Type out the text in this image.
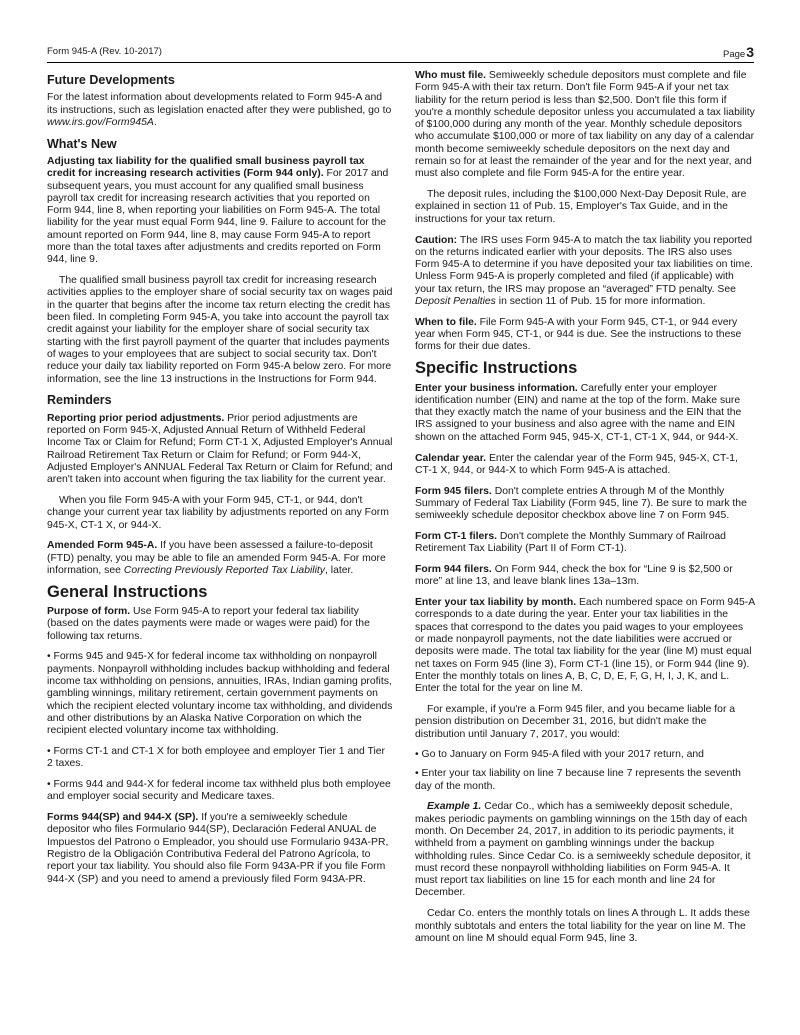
Form 945-A (Rev. 10-2017)	Page3
Future Developments

For the latest information about developments related to Form 945-A and its instructions, such as legislation enacted after they were published, go to www.irs.gov/Form945A.

What's New

Adjusting tax liability for the qualified small business payroll tax credit for increasing research activities (Form 944 only). For 2017 and subsequent years, you must account for any qualified small business payroll tax credit for increasing research activities that you reported on Form 944, line 8, when reporting your liabilities on Form 945-A. The total liability for the year must equal Form 944, line 9. Failure to account for the amount reported on Form 944, line 8, may cause Form 945-A to report more than the total taxes after adjustments and credits reported on Form 944, line 9.

The qualified small business payroll tax credit for increasing research activities applies to the employer share of social security tax on wages paid in the quarter that begins after the income tax return electing the credit has been filed. In completing Form 945-A, you take into account the payroll tax credit against your liability for the employer share of social security tax starting with the first payroll payment of the quarter that includes payments of wages to your employees that are subject to social security tax. Don't reduce your daily tax liability reported on Form 945-A below zero. For more information, see the line 13 instructions in the Instructions for Form 944.

Reminders

Reporting prior period adjustments. Prior period adjustments are reported on Form 945-X, Adjusted Annual Return of Withheld Federal Income Tax or Claim for Refund; Form CT-1 X, Adjusted Employer's Annual Railroad Retirement Tax Return or Claim for Refund; or Form 944-X, Adjusted Employer's ANNUAL Federal Tax Return or Claim for Refund; and aren't taken into account when figuring the tax liability for the current year.

When you file Form 945-A with your Form 945, CT-1, or 944, don't change your current year tax liability by adjustments reported on any Form 945-X, CT-1 X, or 944-X.

Amended Form 945-A. If you have been assessed a failure-to-deposit (FTD) penalty, you may be able to file an amended Form 945-A. For more information, see Correcting Previously Reported Tax Liability, later.

General Instructions

Purpose of form. Use Form 945-A to report your federal tax liability (based on the dates payments were made or wages were paid) for the following tax returns.

• Forms 945 and 945-X for federal income tax withholding on nonpayroll payments. Nonpayroll withholding includes backup withholding and federal income tax withholding on pensions, annuities, IRAs, Indian gaming profits, gambling winnings, military retirement, certain government payments on which the recipient elected voluntary income tax withholding, and dividends and other distributions by an Alaska Native Corporation on which the recipient elected voluntary income tax withholding.

• Forms CT-1 and CT-1 X for both employee and employer Tier 1 and Tier 2 taxes.

• Forms 944 and 944-X for federal income tax withheld plus both employee and employer social security and Medicare taxes.

Forms 944(SP) and 944-X (SP). If you're a semiweekly schedule depositor who files Formulario 944(SP), Declaración Federal ANUAL de Impuestos del Patrono o Empleador, you should use Formulario 943A-PR, Registro de la Obligación Contributiva Federal del Patrono Agrícola, to report your tax liability. You should also file Form 943A-PR if you file Form 944-X (SP) and you need to amend a previously filed Form 943A-PR.

Who must file. Semiweekly schedule depositors must complete and file Form 945-A with their tax return. Don't file Form 945-A if your net tax liability for the return period is less than $2,500. Don't file this form if you're a monthly schedule depositor unless you accumulated a tax liability of $100,000 during any month of the year. Monthly schedule depositors who accumulate $100,000 or more of tax liability on any day of a calendar month become semiweekly schedule depositors on the next day and remain so for at least the remainder of the year and for the next year, and must also complete and file Form 945-A for the entire year.

The deposit rules, including the $100,000 Next-Day Deposit Rule, are explained in section 11 of Pub. 15, Employer's Tax Guide, and in the instructions for your tax return.

Caution: The IRS uses Form 945-A to match the tax liability you reported on the returns indicated earlier with your deposits. The IRS also uses Form 945-A to determine if you have deposited your tax liabilities on time. Unless Form 945-A is properly completed and filed (if applicable) with your tax return, the IRS may propose an “averaged” FTD penalty. See Deposit Penalties in section 11 of Pub. 15 for more information.

When to file. File Form 945-A with your Form 945, CT-1, or 944 every year when Form 945, CT-1, or 944 is due. See the instructions to these forms for their due dates.

Specific Instructions

Enter your business information. Carefully enter your employer identification number (EIN) and name at the top of the form. Make sure that they exactly match the name of your business and the EIN that the IRS assigned to your business and also agree with the name and EIN shown on the attached Form 945, 945-X, CT-1, CT-1 X, 944, or 944-X.

Calendar year. Enter the calendar year of the Form 945, 945-X, CT-1, CT-1 X, 944, or 944-X to which Form 945-A is attached.

Form 945 filers. Don't complete entries A through M of the Monthly Summary of Federal Tax Liability (Form 945, line 7). Be sure to mark the semiweekly schedule depositor checkbox above line 7 on Form 945.

Form CT-1 filers. Don't complete the Monthly Summary of Railroad Retirement Tax Liability (Part II of Form CT-1).

Form 944 filers. On Form 944, check the box for “Line 9 is $2,500 or more” at line 13, and leave blank lines 13a–13m.

Enter your tax liability by month. Each numbered space on Form 945-A corresponds to a date during the year. Enter your tax liabilities in the spaces that correspond to the dates you paid wages to your employees or made nonpayroll payments, not the date liabilities were accrued or deposits were made. The total tax liability for the year (line M) must equal net taxes on Form 945 (line 3), Form CT-1 (line 15), or Form 944 (line 9). Enter the monthly totals on lines A, B, C, D, E, F, G, H, I, J, K, and L. Enter the total for the year on line M.

For example, if you're a Form 945 filer, and you became liable for a pension distribution on December 31, 2016, but didn't make the distribution until January 7, 2017, you would:

• Go to January on Form 945-A filed with your 2017 return, and

• Enter your tax liability on line 7 because line 7 represents the seventh day of the month.

Example 1. Cedar Co., which has a semiweekly deposit schedule, makes periodic payments on gambling winnings on the 15th day of each month. On December 24, 2017, in addition to its periodic payments, it withheld from a payment on gambling winnings under the backup withholding rules. Since Cedar Co. is a semiweekly schedule depositor, it must record these nonpayroll withholding liabilities on Form 945-A. It must report tax liabilities on line 15 for each month and line 24 for December.

Cedar Co. enters the monthly totals on lines A through L. It adds these monthly subtotals and enters the total liability for the year on line M. The amount on line M should equal Form 945, line 3.
